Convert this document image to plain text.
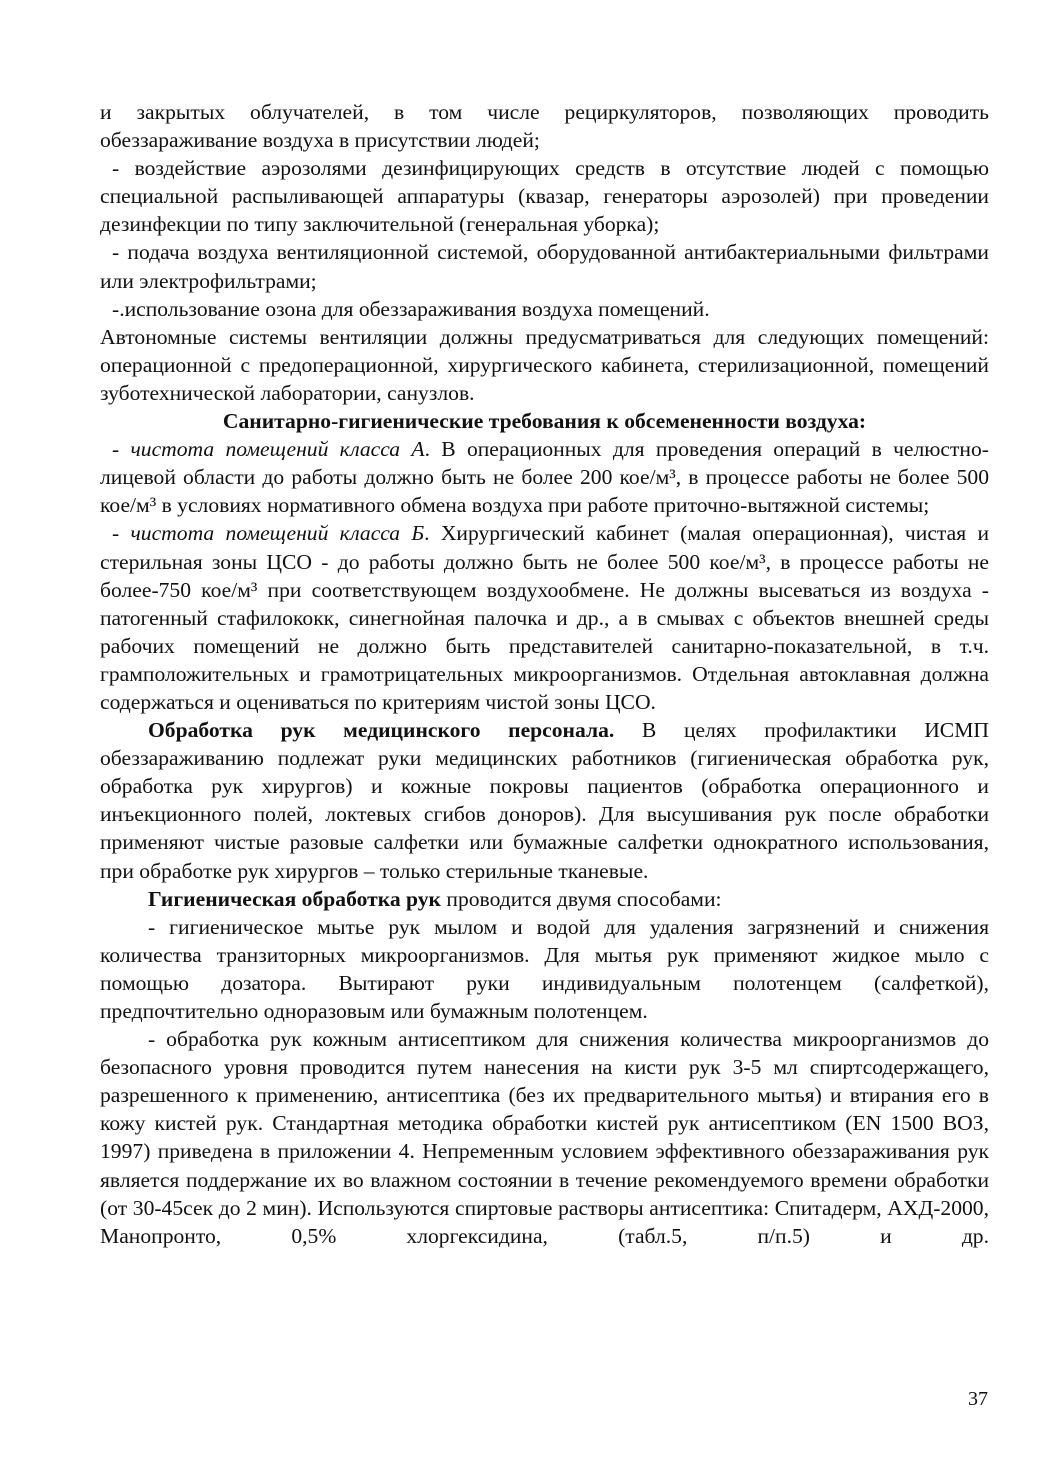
и закрытых облучателей, в том числе рециркуляторов, позволяющих проводить обеззараживание воздуха в присутствии людей;

- воздействие аэрозолями дезинфицирующих средств в отсутствие людей с помощью специальной распыливающей аппаратуры (квазар, генераторы аэрозолей) при проведении дезинфекции по типу заключительной (генеральная уборка);

- подача воздуха вентиляционной системой, оборудованной антибактериальными фильтрами или электрофильтрами;

-.использование озона для обеззараживания воздуха помещений.

Автономные системы вентиляции должны предусматриваться для следующих помещений: операционной с предоперационной, хирургического кабинета, стерилизационной, помещений зуботехнической лаборатории, санузлов.

Санитарно-гигиенические требования к обсемененности воздуха:

- чистота помещений класса А. В операционных для проведения операций в челюстно-лицевой области до работы должно быть не более 200 кое/м³, в процессе работы не более 500 кое/м³ в условиях нормативного обмена воздуха при работе приточно-вытяжной системы;

- чистота помещений класса Б. Хирургический кабинет (малая операционная), чистая и стерильная зоны ЦСО - до работы должно быть не более 500 кое/м³, в процессе работы не более-750 кое/м³ при соответствующем воздухообмене. Не должны высеваться из воздуха - патогенный стафилококк, синегнойная палочка и др., а в смывах с объектов внешней среды рабочих помещений не должно быть представителей санитарно-показательной, в т.ч. грамположительных и грамотрицательных микроорганизмов. Отдельная автоклавная должна содержаться и оцениваться по критериям чистой зоны ЦСО.

Обработка рук медицинского персонала. В целях профилактики ИСМП обеззараживанию подлежат руки медицинских работников (гигиеническая обработка рук, обработка рук хирургов) и кожные покровы пациентов (обработка операционного и инъекционного полей, локтевых сгибов доноров). Для высушивания рук после обработки применяют чистые разовые салфетки или бумажные салфетки однократного использования, при обработке рук хирургов – только стерильные тканевые.

Гигиеническая обработка рук проводится двумя способами:

- гигиеническое мытье рук мылом и водой для удаления загрязнений и снижения количества транзиторных микроорганизмов. Для мытья рук применяют жидкое мыло с помощью дозатора. Вытирают руки индивидуальным полотенцем (салфеткой), предпочтительно одноразовым или бумажным полотенцем.

- обработка рук кожным антисептиком для снижения количества микроорганизмов до безопасного уровня проводится путем нанесения на кисти рук 3-5 мл спиртсодержащего, разрешенного к применению, антисептика (без их предварительного мытья) и втирания его в кожу кистей рук. Стандартная методика обработки кистей рук антисептиком (EN 1500 ВОЗ, 1997) приведена в приложении 4. Непременным условием эффективного обеззараживания рук является поддержание их во влажном состоянии в течение рекомендуемого времени обработки (от 30-45сек до 2 мин). Используются спиртовые растворы антисептика: Спитадерм, АХД-2000, Манопронто, 0,5% хлоргексидина, (табл.5, п/п.5) и др.

37
